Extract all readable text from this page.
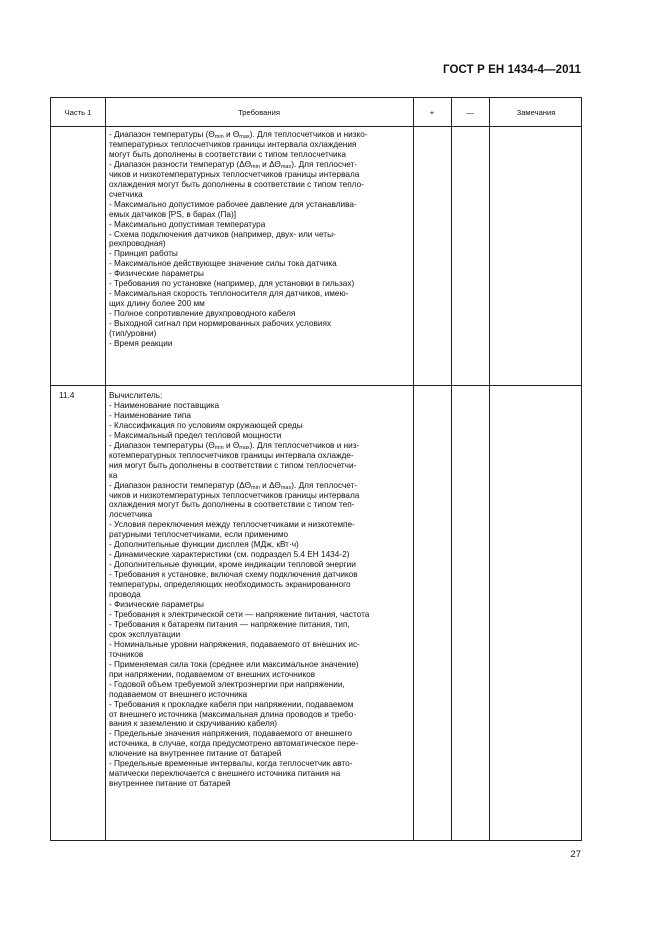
ГОСТ Р ЕН 1434-4—2011
Часть 1	Требования	+	—	Замечания
- Диапазон температуры ($\Theta_{min}$ и $\Theta_{max}$). Для теплосчетчиков и низко-
температурных теплосчетчиков границы интервала охлаждения
могут быть дополнены в соответствии с типом теплосчетчика
- Диапазон разности температур ($\Delta\Theta_{min}$ и $\Delta\Theta_{max}$). Для теплосчет-
чиков и низкотемпературных теплосчетчиков границы интервала
охлаждения могут быть дополнены в соответствии с типом тепло-
счетчика
- Максимально допустимое рабочее давление для устанавлива-
емых датчиков [PS, в барах (Па)]
- Максимально допустимая температура
- Схема подключения датчиков (например, двух- или четы-
рехпроводная)
- Принцип работы
- Максимальное действующее значение силы тока датчика
- Физические параметры
- Требования по установке (например, для установки в гильзах)
- Максимальная скорость теплоносителя для датчиков, имею-
щих длину более 200 мм
- Полное сопротивление двухпроводного кабеля
- Выходной сигнал при нормированных рабочих условиях
(тип/уровни)
- Время реакции
11.4	Вычислитель:
- Наименование поставщика
- Наименование типа
- Классификация по условиям окружающей среды
- Максимальный предел тепловой мощности
- Диапазон температуры ($\Theta_{min}$ и $\Theta_{max}$). Для теплосчетчиков и низ-
котемпературных теплосчетчиков границы интервала охлажде-
ния могут быть дополнены в соответствии с типом теплосчетчи-
ка
- Диапазон разности температур ($\Delta\Theta_{min}$ и $\Delta\Theta_{max}$). Для теплосчет-
чиков и низкотемпературных теплосчетчиков границы интервала
охлаждения могут быть дополнены в соответствии с типом теп-
лосчетчика
- Условия переключения между теплосчетчиками и низкотемпе-
ратурными теплосчетчиками, если применимо
- Дополнительные функции дисплея (МДж, кВт·ч)
- Динамические характеристики (см. подраздел 5.4 ЕН 1434-2)
- Дополнительные функции, кроме индикации тепловой энергии
- Требования к установке, включая схему подключения датчиков
температуры, определяющих необходимость экранированного
провода
- Физические параметры
- Требования к электрической сети — напряжение питания, частота
- Требования к батареям питания — напряжение питания, тип,
срок эксплуатации
- Номинальные уровни напряжения, подаваемого от внешних ис-
точников
- Применяемая сила тока (среднее или максимальное значение)
при напряжении, подаваемом от внешних источников
- Годовой объем требуемой электроэнергии при напряжении,
подаваемом от внешнего источника
- Требования к прокладке кабеля при напряжении, подаваемом
от внешнего источника (максимальная длина проводов и требо-
вания к заземлению и скручиванию кабеля)
- Предельные значения напряжения, подаваемого от внешнего
источника, в случае, когда предусмотрено автоматическое пере-
ключение на внутреннее питание от батарей
- Предельные временные интервалы, когда теплосчетчик авто-
матически переключается с внешнего источника питания на
внутреннее питание от батарей
27
